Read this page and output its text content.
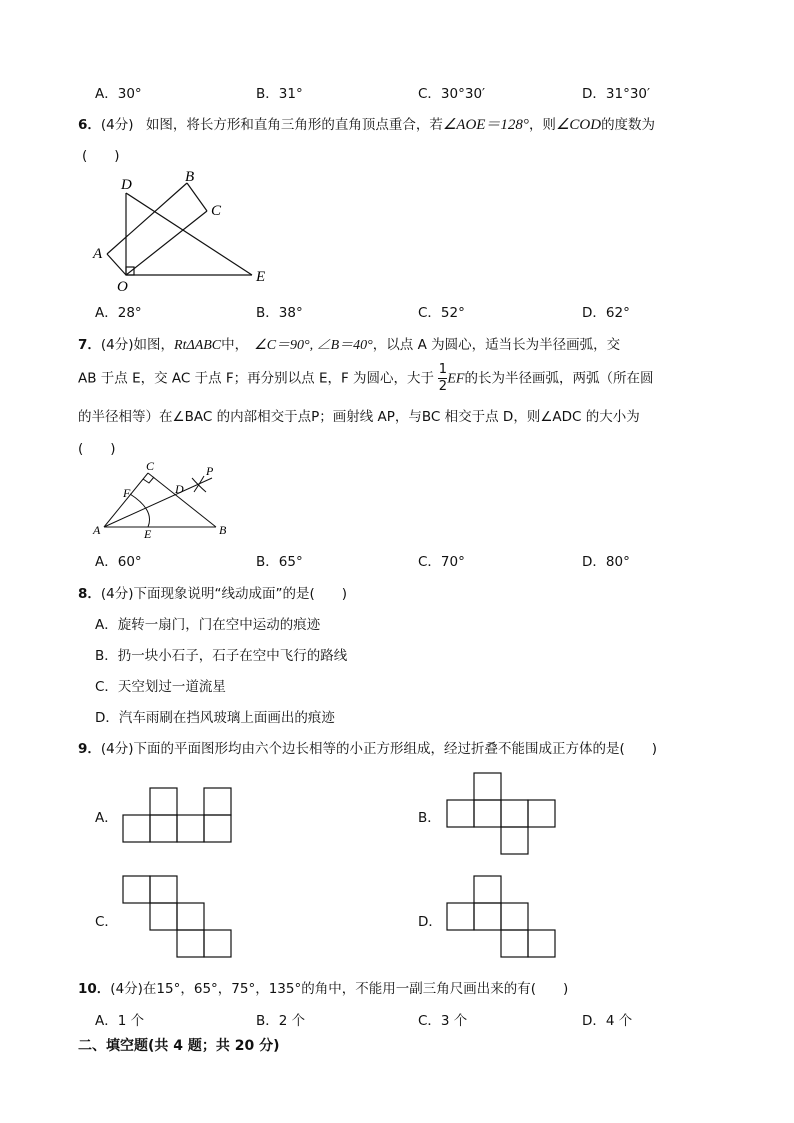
A．30°	B．31°	C．30°30′	D．31°30′
6．(4分) 如图，将长方形和直角三角形的直角顶点重合，若∠AOE＝128°，则∠COD的度数为
(　　)
D	B
C
A
O
E
A．28°	B．38°	C．52°	D．62°
7．(4分)如图，RtΔABC中， ∠C＝90°, ∠B＝40°，以点 A 为圆心，适当长为半径画弧，交
AB 于点 E，交 AC 于点 F；再分别以点 E，F 为圆心，大于 $\frac{1}{2}$ EF的长为半径画弧，两弧（所在圆
的半径相等）在∠BAC 的内部相交于点P；画射线 AP，与BC 相交于点 D，则∠ADC 的大小为
(　　)
C	P
F	D
A	E	B
A．60°	B．65°	C．70°	D．80°
8．(4分)下面现象说明“线动成面”的是(　　)
A．旋转一扇门，门在空中运动的痕迹
B．扔一块小石子，石子在空中飞行的路线
C．天空划过一道流星
D．汽车雨刷在挡风玻璃上面画出的痕迹
9．(4分)下面的平面图形均由六个边长相等的小正方形组成，经过折叠不能围成正方体的是(　　)
A．	B．
C．	D．
10．(4分)在15°，65°，75°，135°的角中，不能用一副三角尺画出来的有(　　)
A．1 个	B．2 个	C．3 个	D．4 个
二、填空题(共 4 题；共 20 分)
